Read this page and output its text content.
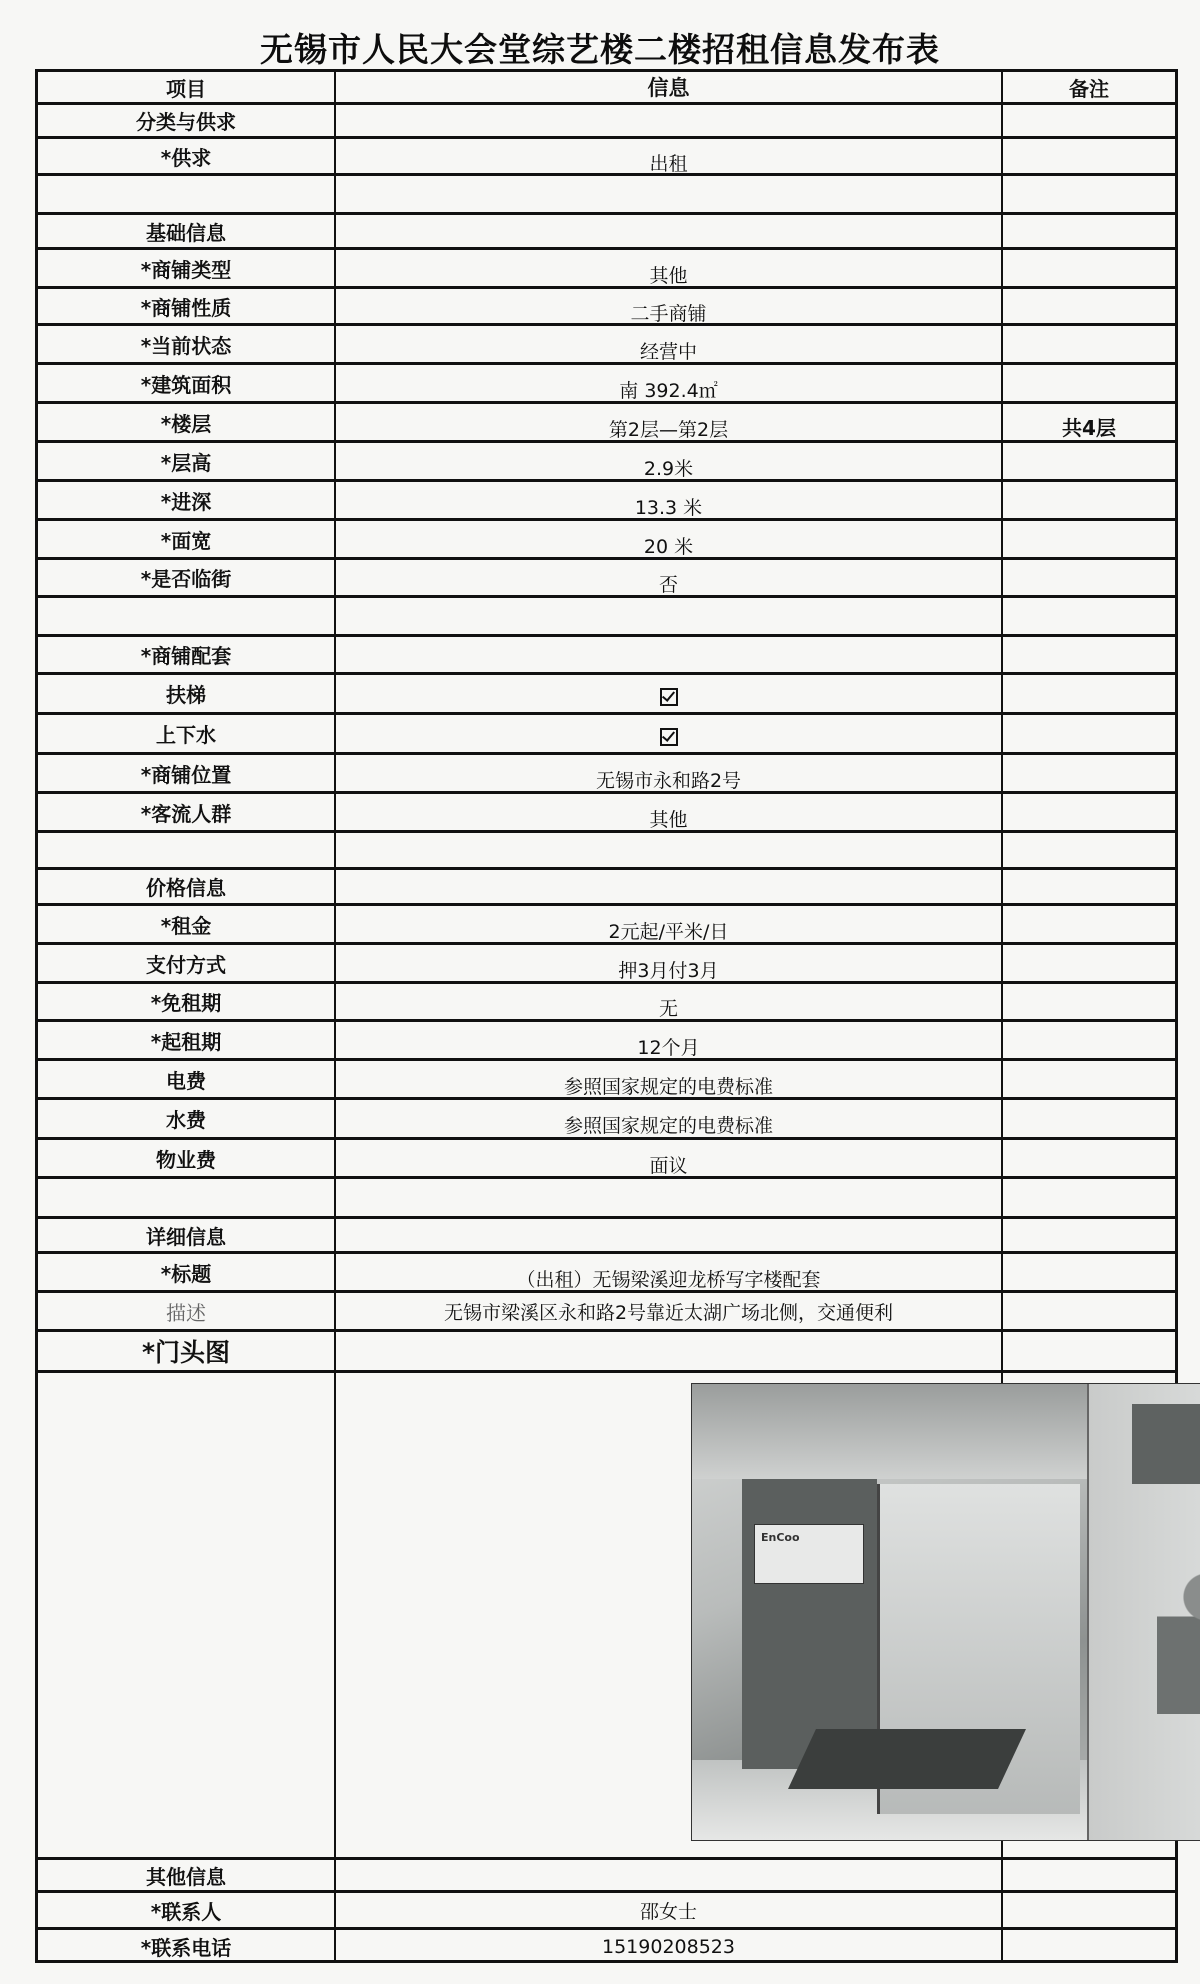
无锡市人民大会堂综艺楼二楼招租信息发布表
项目	信息	备注
分类与供求
*供求	出租
基础信息
*商铺类型	其他
*商铺性质	二手商铺
*当前状态	经营中
*建筑面积	南 392.4㎡
*楼层	第2层—第2层	共4层
*层高	2.9米
*进深	13.3 米
*面宽	20 米
*是否临街	否
*商铺配套
扶梯
上下水
*商铺位置	无锡市永和路2号
*客流人群	其他
价格信息
*租金	2元起/平米/日
支付方式	押3月付3月
*免租期	无
*起租期	12个月
电费	参照国家规定的电费标准
水费	参照国家规定的电费标准
物业费	面议
详细信息
*标题	（出租）无锡梁溪迎龙桥写字楼配套
描述	无锡市梁溪区永和路2号靠近太湖广场北侧，交通便利
*门头图
EnCoo
其他信息
*联系人	邵女士
*联系电话	15190208523
